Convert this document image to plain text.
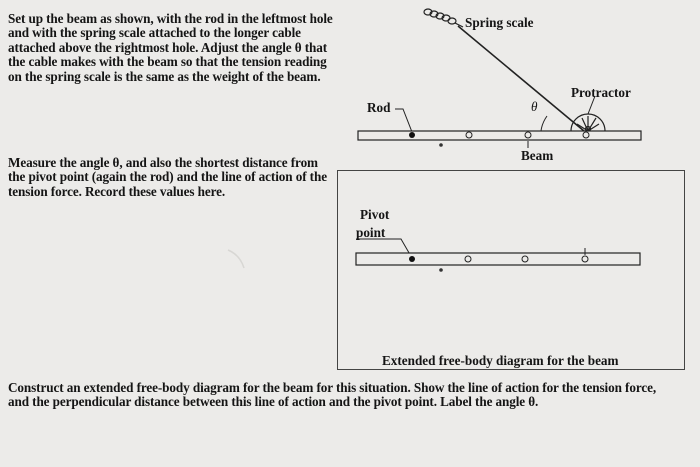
Set up the beam as shown, with the rod in the leftmost hole and with the spring scale attached to the longer cable attached above the rightmost hole. Adjust the angle θ that the cable makes with the beam so that the tension reading on the spring scale is the same as the weight of the beam.
Measure the angle θ, and also the shortest distance from the pivot point (again the rod) and the line of action of the tension force. Record these values here.
Construct an extended free-body diagram for the beam for this situation. Show the line of action for the tension force, and the perpendicular distance between this line of action and the pivot point. Label the angle θ.
Spring scale
Protractor
Rod	θ
Beam
Pivot
point
Extended free-body diagram for the beam
